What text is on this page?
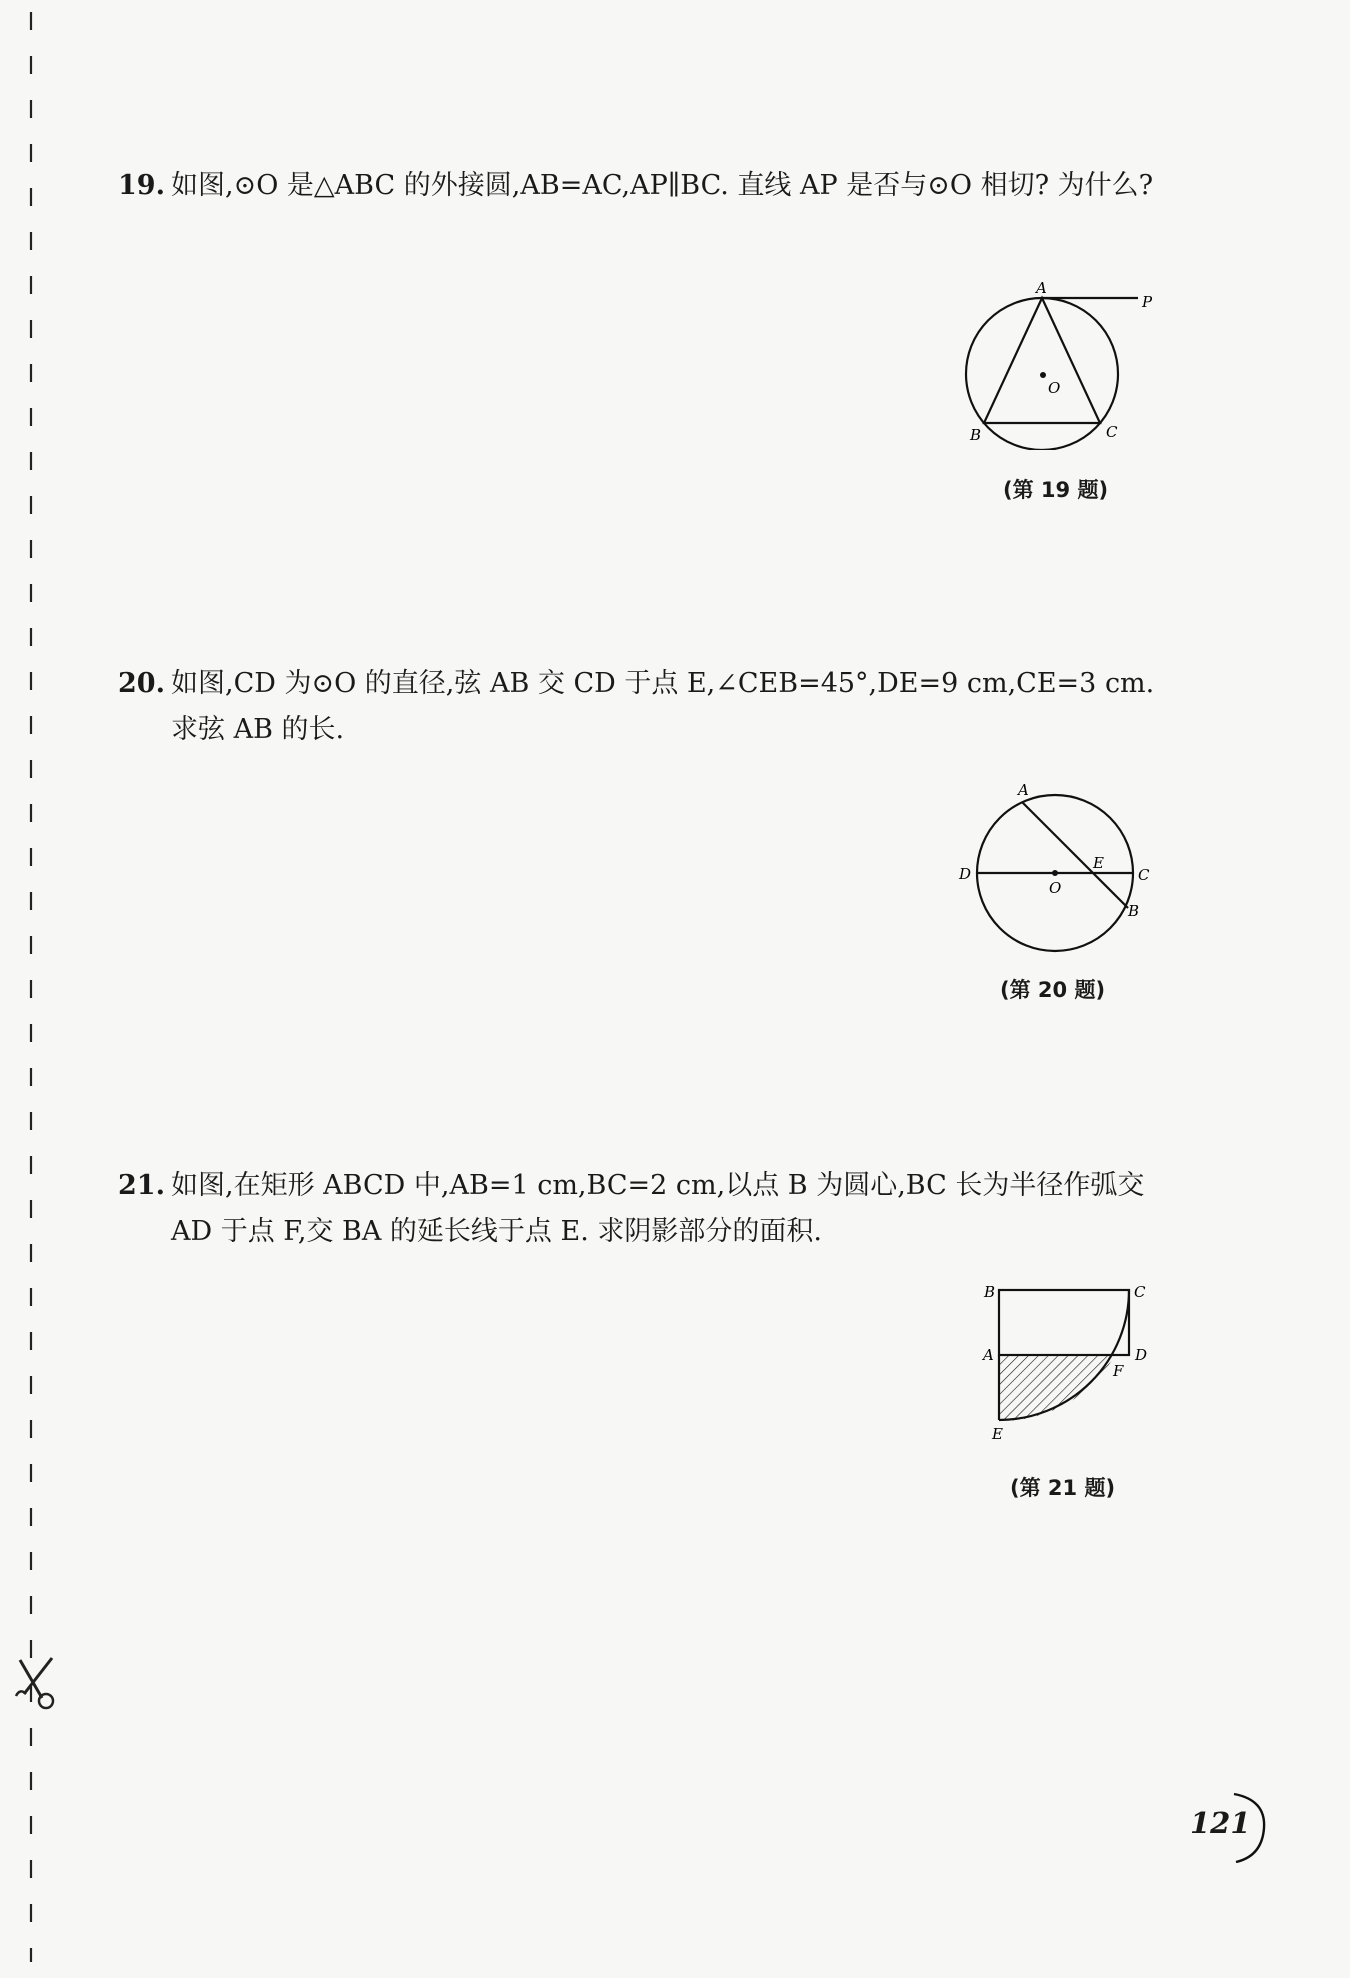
19. 如图,⊙O 是△ABC 的外接圆,AB=AC,AP∥BC. 直线 AP 是否与⊙O 相切? 为什么?
A
P
O
B	C
(第 19 题)
20. 如图,CD 为⊙O 的直径,弦 AB 交 CD 于点 E,∠CEB=45°,DE=9 cm,CE=3 cm. 求弦 AB 的长.
A
D
O
E
C
B
(第 20 题)
21. 如图,在矩形 ABCD 中,AB=1 cm,BC=2 cm,以点 B 为圆心,BC 长为半径作弧交 AD 于点 F,交 BA 的延长线于点 E. 求阴影部分的面积.
B	C
A	D
F
E
(第 21 题)
121
